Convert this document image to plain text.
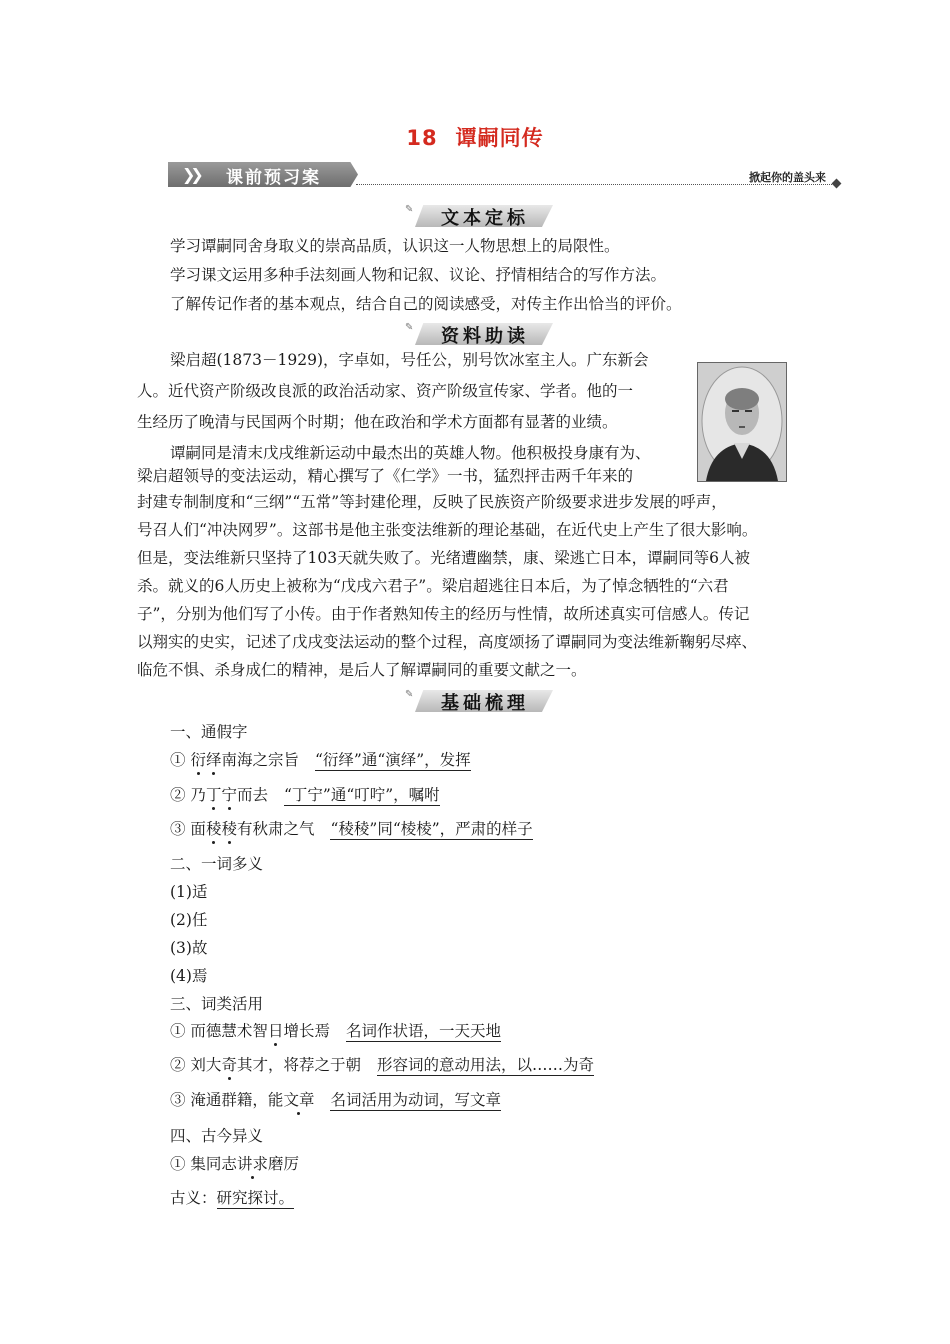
18 谭嗣同传
❯❯ 课前预习案	掀起你的盖头来
✎	文本定标
学习谭嗣同舍身取义的崇高品质，认识这一人物思想上的局限性。
学习课文运用多种手法刻画人物和记叙、议论、抒情相结合的写作方法。
了解传记作者的基本观点，结合自己的阅读感受，对传主作出恰当的评价。
✎	资料助读
梁启超(1873－1929)，字卓如，号任公，别号饮冰室主人。广东新会
人。近代资产阶级改良派的政治活动家、资产阶级宣传家、学者。他的一
生经历了晚清与民国两个时期；他在政治和学术方面都有显著的业绩。
谭嗣同是清末戊戌维新运动中最杰出的英雄人物。他积极投身康有为、
梁启超领导的变法运动，精心撰写了《仁学》一书，猛烈抨击两千年来的
封建专制制度和“三纲”“五常”等封建伦理，反映了民族资产阶级要求进步发展的呼声，
号召人们“冲决网罗”。这部书是他主张变法维新的理论基础，在近代史上产生了很大影响。
但是，变法维新只坚持了103天就失败了。光绪遭幽禁，康、梁逃亡日本，谭嗣同等6人被
杀。就义的6人历史上被称为“戊戌六君子”。梁启超逃往日本后，为了悼念牺牲的“六君
子”，分别为他们写了小传。由于作者熟知传主的经历与性情，故所述真实可信感人。传记
以翔实的史实，记述了戊戌变法运动的整个过程，高度颂扬了谭嗣同为变法维新鞠躬尽瘁、
临危不惧、杀身成仁的精神，是后人了解谭嗣同的重要文献之一。
✎	基础梳理
一、通假字
① 衍绎南海之宗旨 “衍绎”通“演绎”，发挥
② 乃丁宁而去 “丁宁”通“叮咛”，嘱咐
③ 面稜稜有秋肃之气 “稜稜”同“棱棱”，严肃的样子
二、一词多义
(1)适
(2)任
(3)故
(4)焉
三、词类活用
① 而德慧术智日增长焉 名词作状语，一天天地
② 刘大奇其才，将荐之于朝 形容词的意动用法，以……为奇
③ 淹通群籍，能文章 名词活用为动词，写文章
四、古今异义
① 集同志讲求磨厉
古义：研究探讨。
